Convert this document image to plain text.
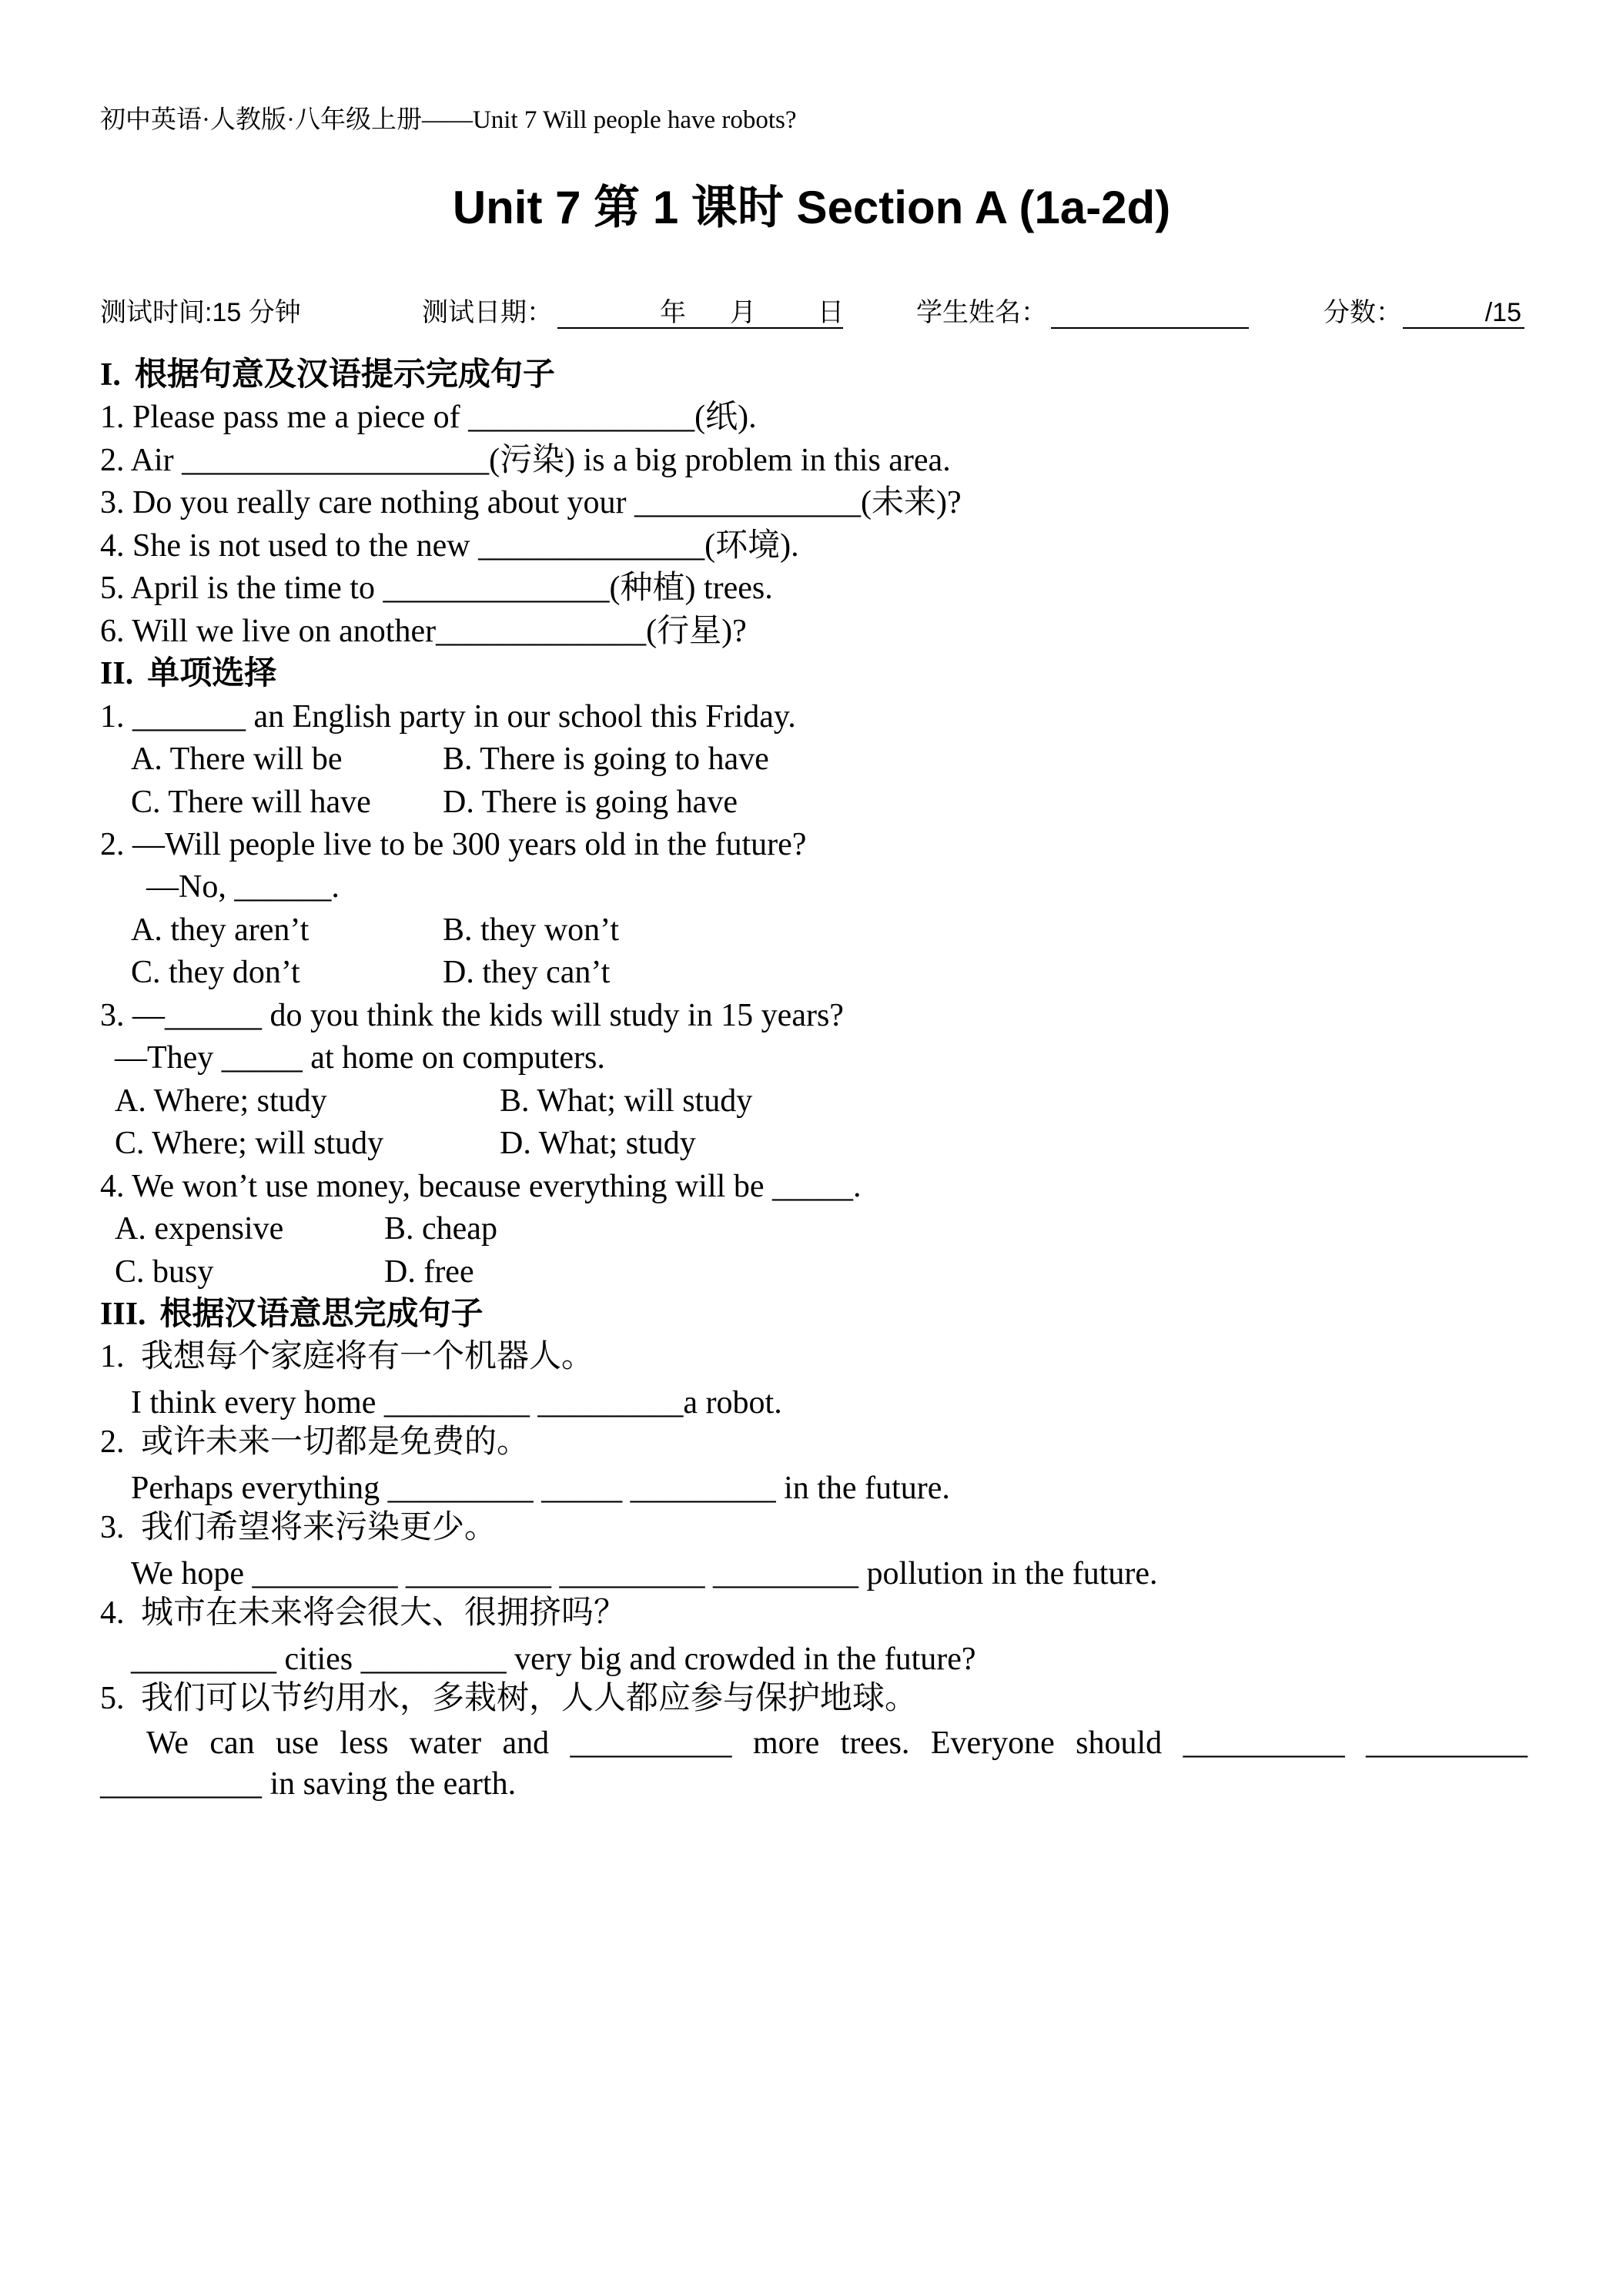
初中英语·人教版·八年级上册——Unit 7 Will people have robots?
Unit 7 第 1 课时 Section A (1a-2d)
测试时间:15 分钟	测试日期：	年 月 日	学生姓名：	分数：	/15
I. 根据句意及汉语提示完成句子
1. Please pass me a piece of ______________(纸).
2. Air ___________________(污染) is a big problem in this area.
3. Do you really care nothing about your ______________(未来)?
4. She is not used to the new ______________(环境).
5. April is the time to ______________(种植) trees.
6. Will we live on another_____________(行星)?
II. 单项选择
1. _______ an English party in our school this Friday.
A. There will be	B. There is going to have
C. There will have D. There is going have
2. —Will people live to be 300 years old in the future?
—No, ______.
A. they aren’t	B. they won’t
C. they don’t	D. they can’t
3. —______ do you think the kids will study in 15 years?
—They _____ at home on computers.
A. Where; study	B. What; will study
C. Where; will study	D. What; study
4. We won’t use money, because everything will be _____.
A. expensive	B. cheap
C. busy	D. free
III. 根据汉语意思完成句子
1. 我想每个家庭将有一个机器人。
I think every home _________ _________a robot.
2. 或许未来一切都是免费的。
Perhaps everything _________ _____ _________ in the future.
3. 我们希望将来污染更少。
We hope _________ _________ _________ _________ pollution in the future.
4. 城市在未来将会很大、很拥挤吗？
_________ cities _________ very big and crowded in the future?
5. 我们可以节约用水，多栽树，人人都应参与保护地球。
We can use less water and __________ more trees. Everyone should __________ __________
__________ in saving the earth.
